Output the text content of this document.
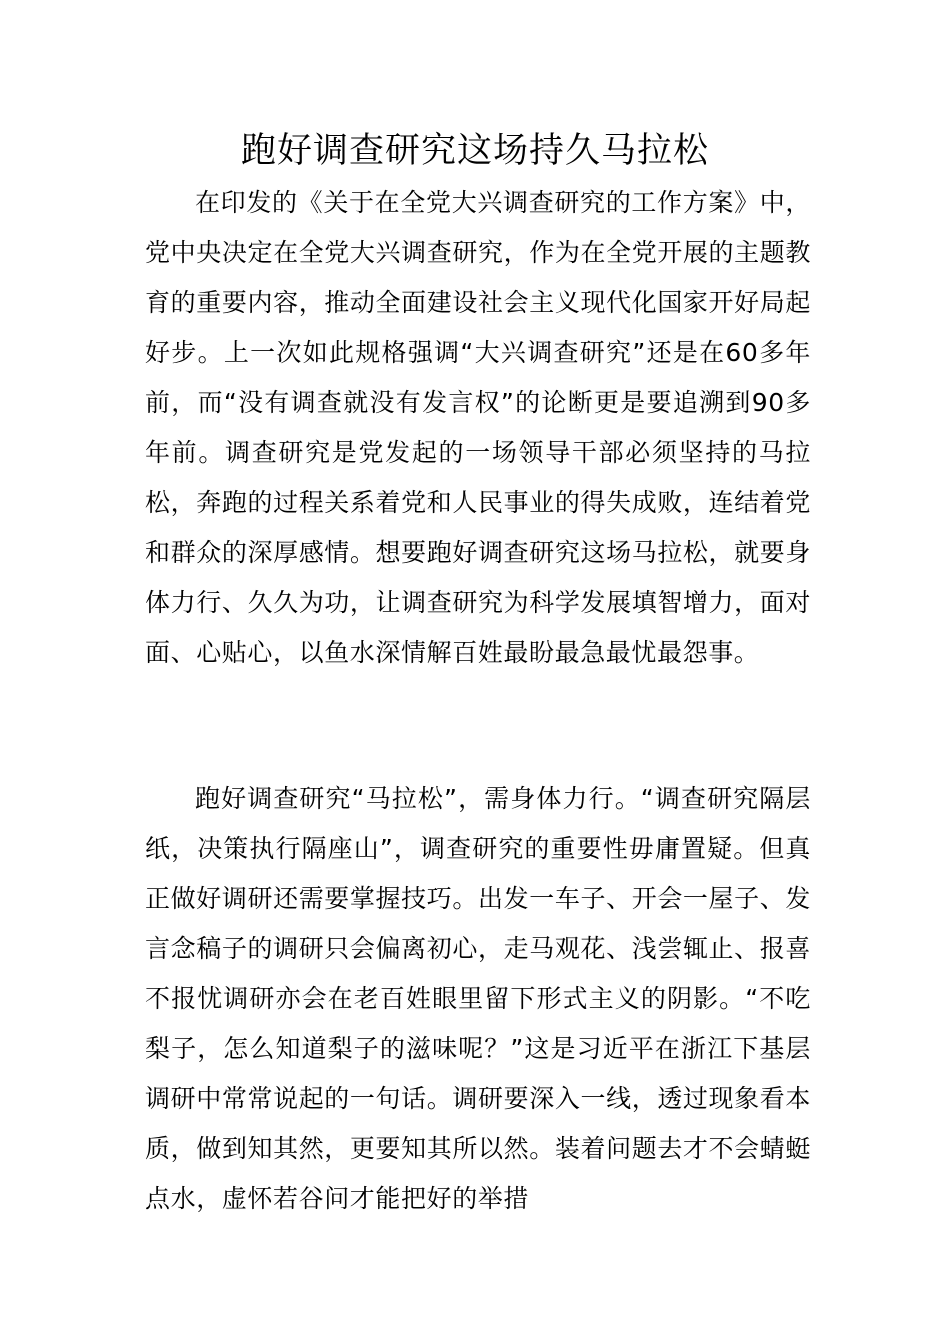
跑好调查研究这场持久马拉松

在印发的《关于在全党大兴调查研究的工作方案》中，党中央决定在全党大兴调查研究，作为在全党开展的主题教育的重要内容，推动全面建设社会主义现代化国家开好局起好步。上一次如此规格强调“大兴调查研究”还是在60多年前，而“没有调查就没有发言权”的论断更是要追溯到90多年前。调查研究是党发起的一场领导干部必须坚持的马拉松，奔跑的过程关系着党和人民事业的得失成败，连结着党和群众的深厚感情。想要跑好调查研究这场马拉松，就要身体力行、久久为功，让调查研究为科学发展填智增力，面对面、心贴心，以鱼水深情解百姓最盼最急最忧最怨事。

跑好调查研究“马拉松”，需身体力行。“调查研究隔层纸，决策执行隔座山”，调查研究的重要性毋庸置疑。但真正做好调研还需要掌握技巧。出发一车子、开会一屋子、发言念稿子的调研只会偏离初心，走马观花、浅尝辄止、报喜不报忧调研亦会在老百姓眼里留下形式主义的阴影。“不吃梨子，怎么知道梨子的滋味呢？”这是习近平在浙江下基层调研中常常说起的一句话。调研要深入一线，透过现象看本质，做到知其然，更要知其所以然。装着问题去才不会蜻蜓点水，虚怀若谷问才能把好的举措
